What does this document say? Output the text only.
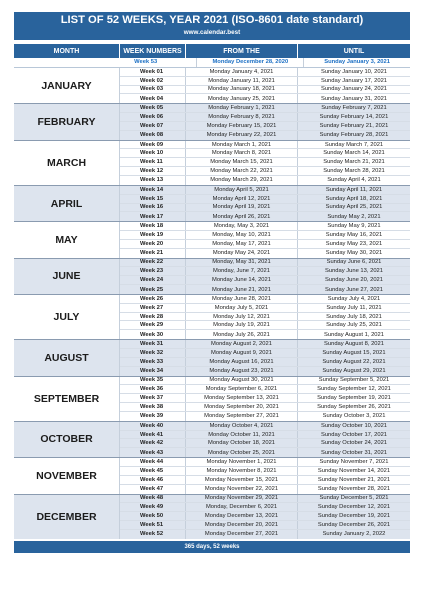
LIST OF 52 WEEKS, YEAR 2021 (ISO-8601 date standard)
www.calendar.best
MONTH	WEEK NUMBERS	FROM THE	UNTIL
Week 53	Monday December 28, 2020	Sunday January 3, 2021
JANUARY
Week 01	Monday January 4, 2021	Sunday January 10, 2021
Week 02	Monday January 11, 2021	Sunday January 17, 2021
Week 03	Monday January 18, 2021	Sunday January 24, 2021
Week 04	Monday January 25, 2021	Sunday January 31, 2021
FEBRUARY
Week 05	Monday February 1, 2021	Sunday February 7, 2021
Week 06	Monday February 8, 2021	Sunday February 14, 2021
Week 07	Monday February 15, 2021	Sunday February 21, 2021
Week 08	Monday February 22, 2021	Sunday February 28, 2021
MARCH
Week 09	Monday March 1, 2021	Sunday March 7, 2021
Week 10	Monday March 8, 2021	Sunday March 14, 2021
Week 11	Monday March 15, 2021	Sunday March 21, 2021
Week 12	Monday March 22, 2021	Sunday March 28, 2021
Week 13	Monday March 29, 2021	Sunday April 4, 2021
APRIL
Week 14	Monday April 5, 2021	Sunday April 11, 2021
Week 15	Monday April 12, 2021	Sunday April 18, 2021
Week 16	Monday April 19, 2021	Sunday April 25, 2021
Week 17	Monday April 26, 2021	Sunday May 2, 2021
MAY
Week 18	Monday, May 3, 2021	Sunday May 9, 2021
Week 19	Monday, May 10, 2021	Sunday May 16, 2021
Week 20	Monday, May 17, 2021	Sunday May 23, 2021
Week 21	Monday May 24, 2021	Sunday May 30, 2021
JUNE
Week 22	Monday, May 31, 2021	Sunday June 6, 2021
Week 23	Monday, June 7, 2021	Sunday June 13, 2021
Week 24	Monday June 14, 2021	Sunday June 20, 2021
Week 25	Monday June 21, 2021	Sunday June 27, 2021
JULY
Week 26	Monday June 28, 2021	Sunday July 4, 2021
Week 27	Monday July 5, 2021	Sunday July 11, 2021
Week 28	Monday July 12, 2021	Sunday July 18, 2021
Week 29	Monday July 19, 2021	Sunday July 25, 2021
Week 30	Monday July 26, 2021	Sunday August 1, 2021
AUGUST
Week 31	Monday August 2, 2021	Sunday August 8, 2021
Week 32	Monday August 9, 2021	Sunday August 15, 2021
Week 33	Monday August 16, 2021	Sunday August 22, 2021
Week 34	Monday August 23, 2021	Sunday August 29, 2021
SEPTEMBER
Week 35	Monday August 30, 2021	Sunday September 5, 2021
Week 36	Monday September 6, 2021	Sunday September 12, 2021
Week 37	Monday September 13, 2021	Sunday September 19, 2021
Week 38	Monday September 20, 2021	Sunday September 26, 2021
Week 39	Monday September 27, 2021	Sunday October 3, 2021
OCTOBER
Week 40	Monday October 4, 2021	Sunday October 10, 2021
Week 41	Monday October 11, 2021	Sunday October 17, 2021
Week 42	Monday October 18, 2021	Sunday October 24, 2021
Week 43	Monday October 25, 2021	Sunday October 31, 2021
NOVEMBER
Week 44	Monday November 1, 2021	Sunday November 7, 2021
Week 45	Monday November 8, 2021	Sunday November 14, 2021
Week 46	Monday November 15, 2021	Sunday November 21, 2021
Week 47	Monday November 22, 2021	Sunday November 28, 2021
DECEMBER
Week 48	Monday November 29, 2021	Sunday December 5, 2021
Week 49	Monday, December 6, 2021	Sunday December 12, 2021
Week 50	Monday December 13, 2021	Sunday December 19, 2021
Week 51	Monday December 20, 2021	Sunday December 26, 2021
Week 52	Monday December 27, 2021	Sunday January 2, 2022
365 days, 52 weeks
